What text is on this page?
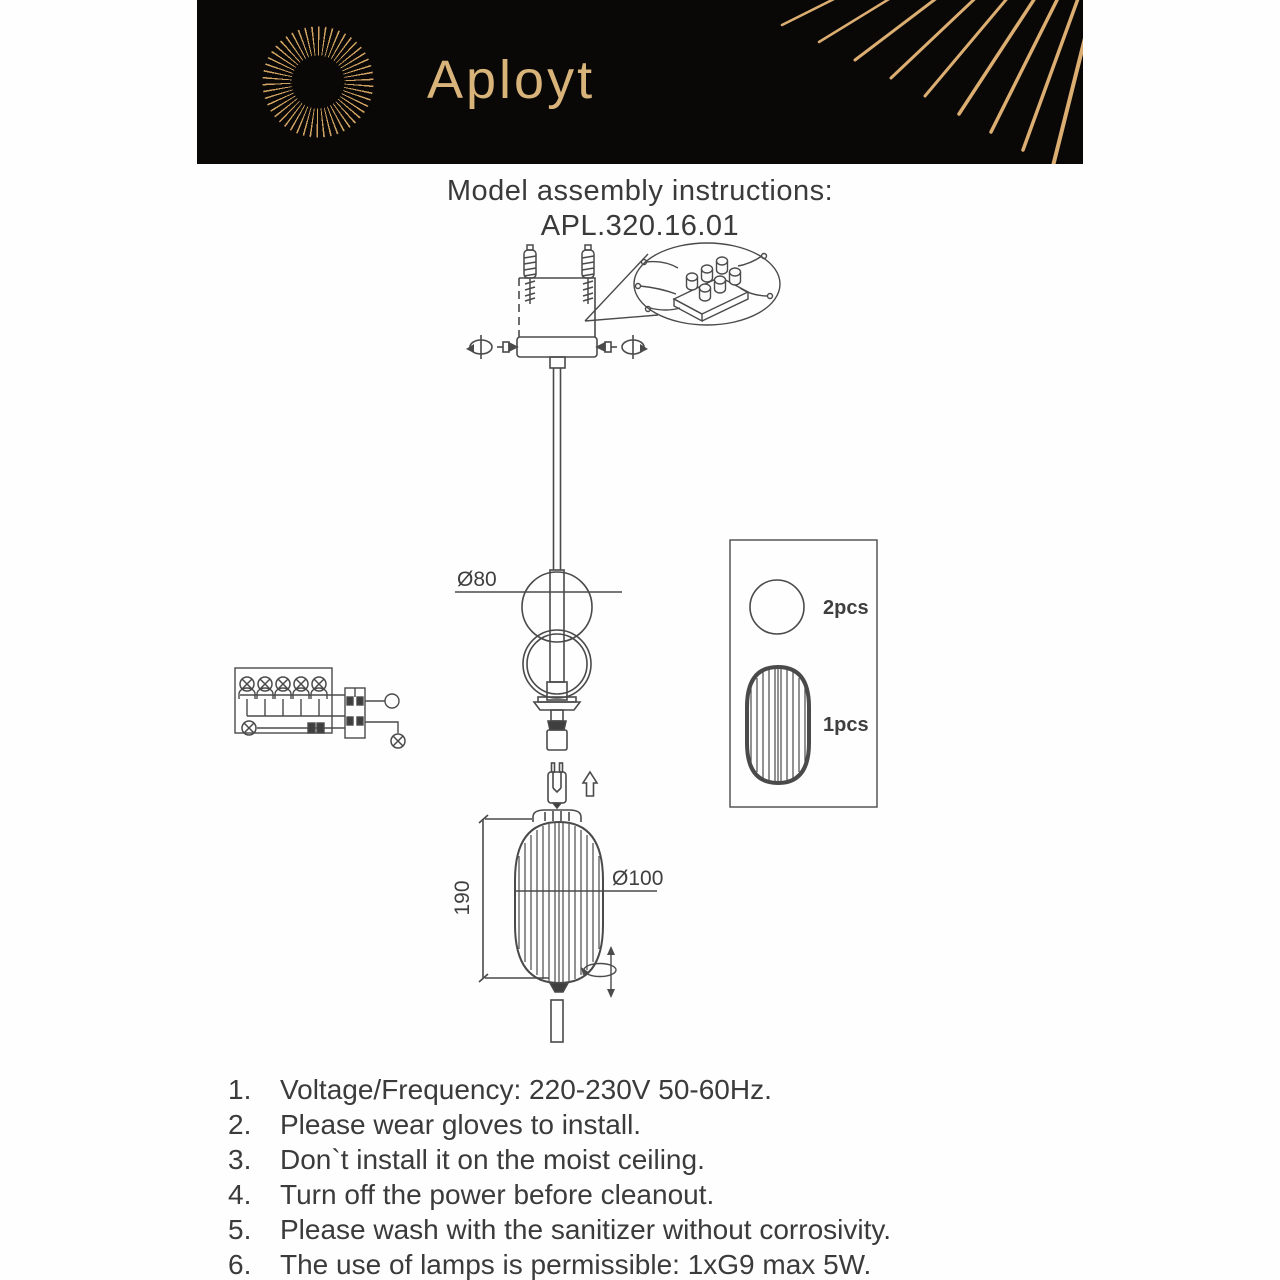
Aployt
Model assembly instructions:
APL.320.16.01
Ø80
190
Ø100
2pcs
1pcs
1.	Voltage/Frequency: 220-230V 50-60Hz.
2.	Please wear gloves to install.
3.	Don`t install it on the moist ceiling.
4.	Turn off the power before cleanout.
5.	Please wash with the sanitizer without corrosivity.
6.	The use of lamps is permissible: 1xG9 max 5W.
